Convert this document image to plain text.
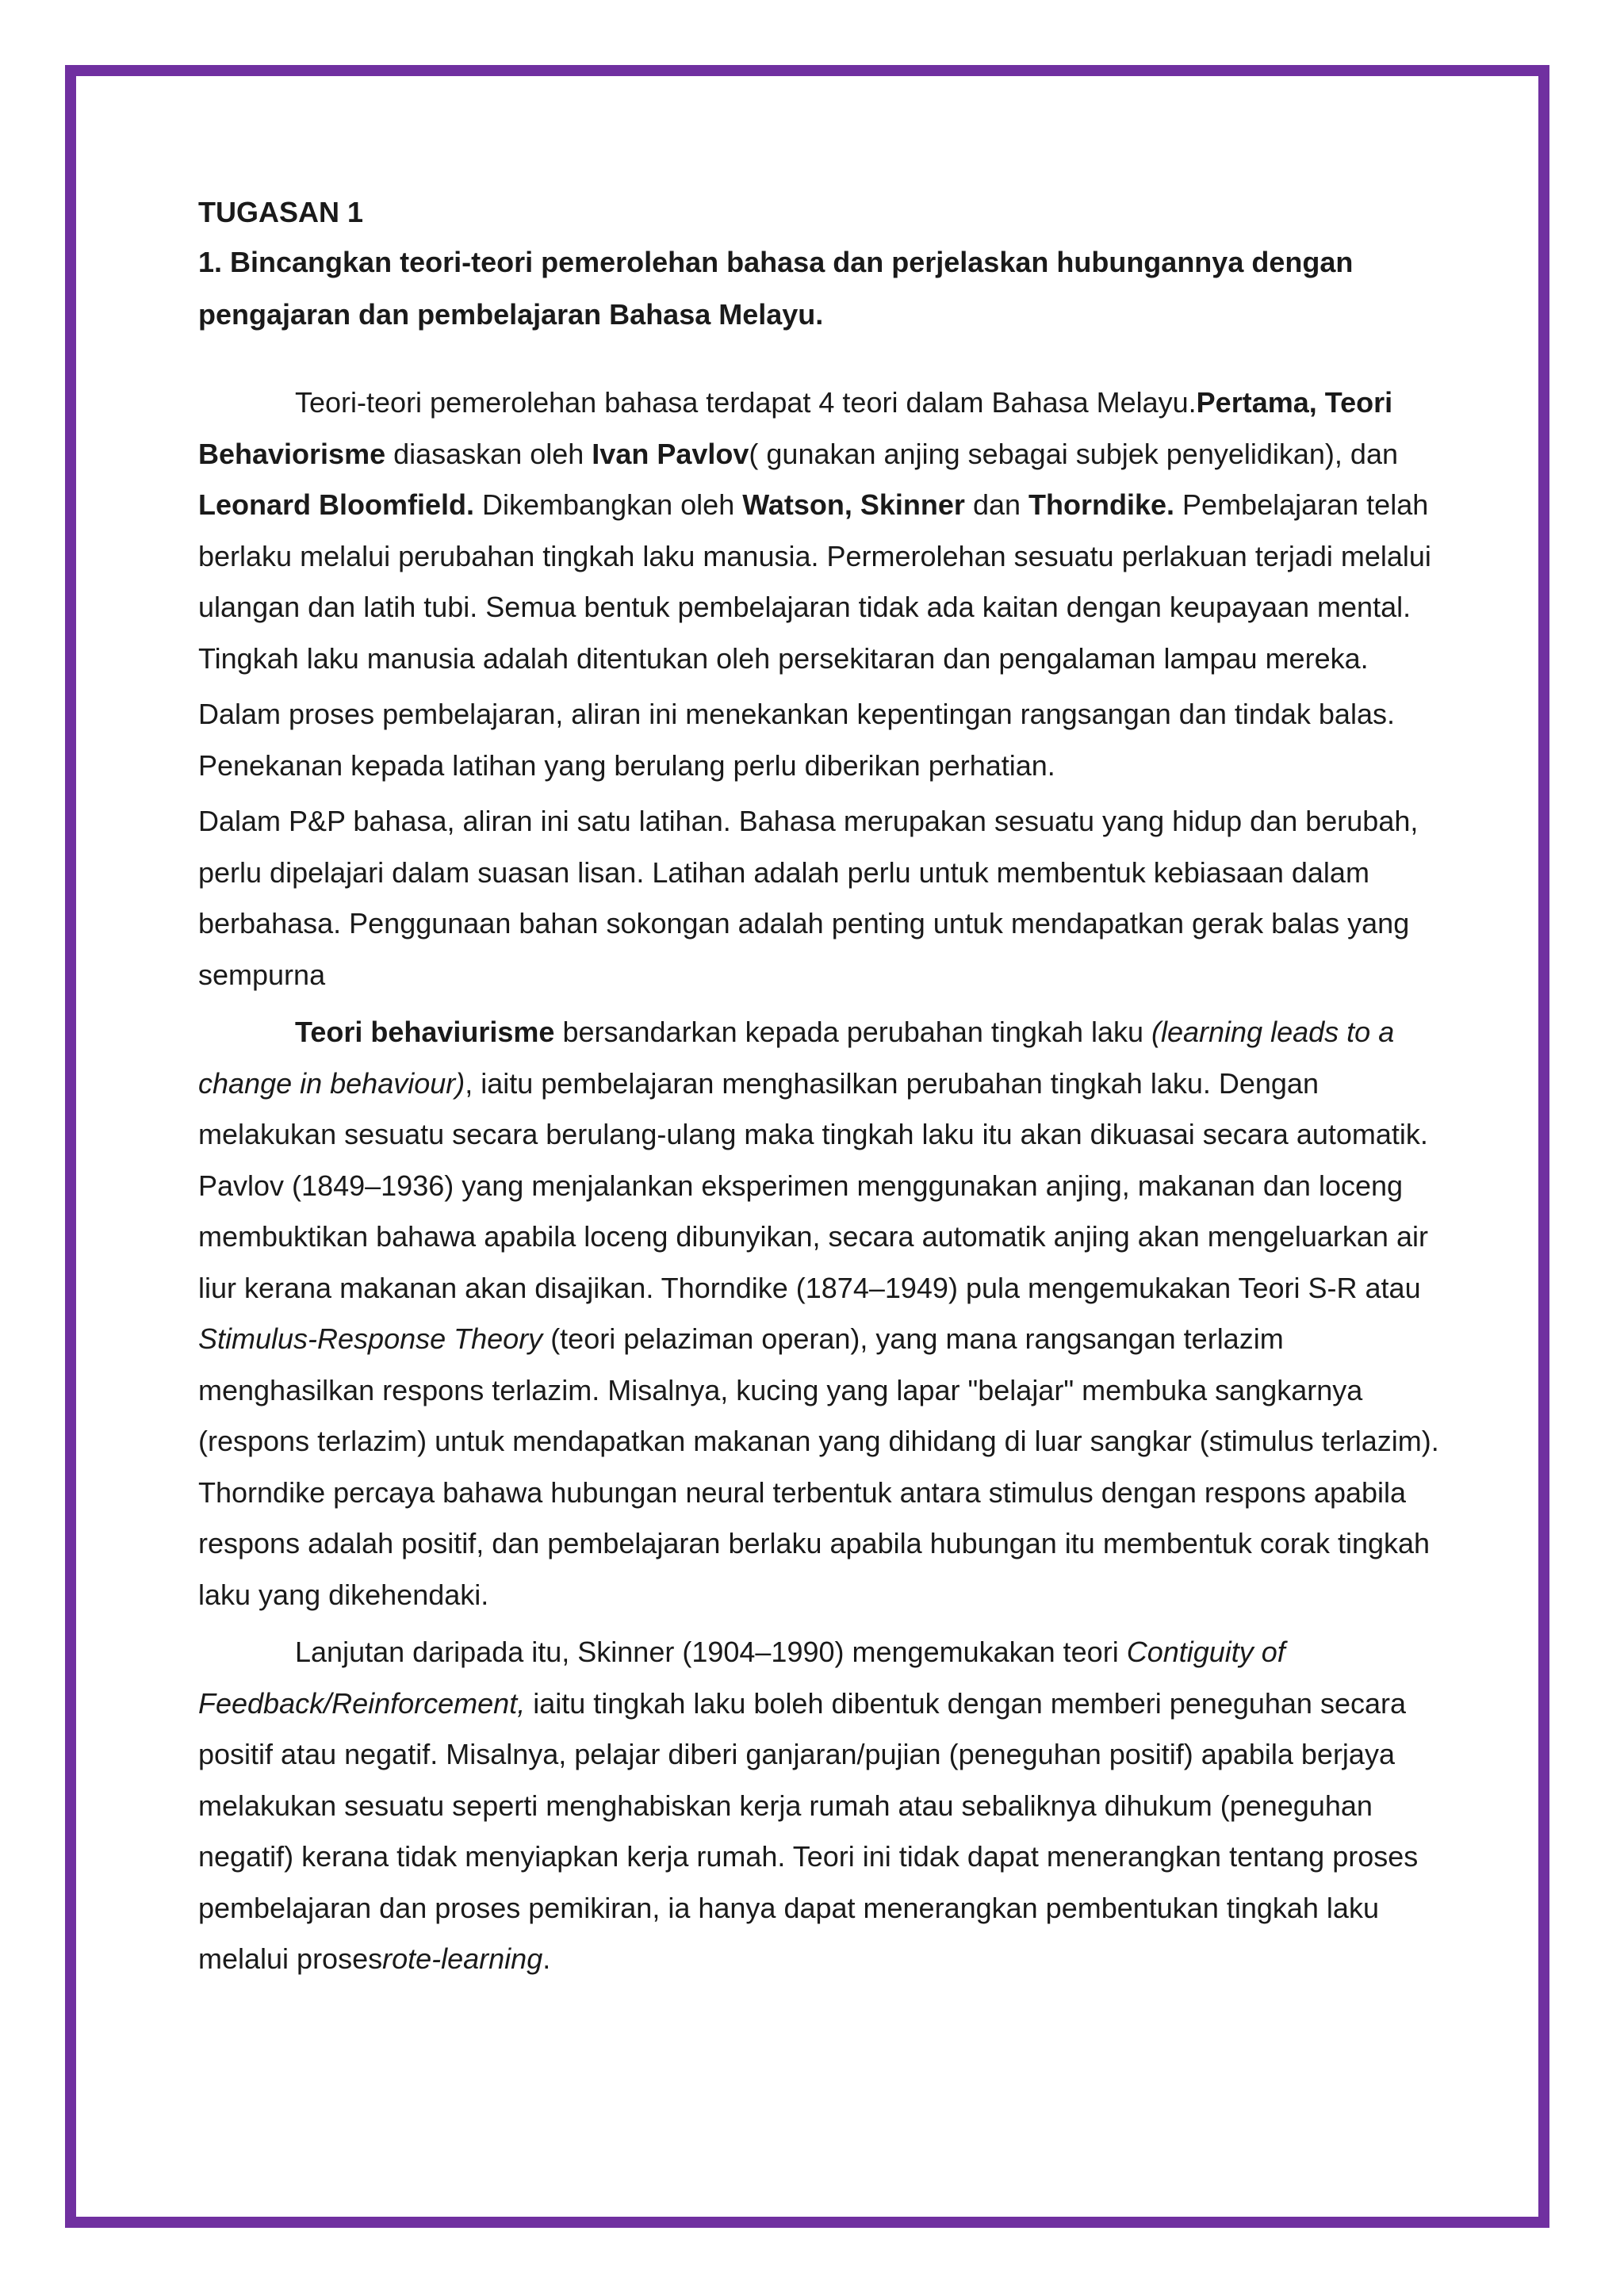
TUGASAN 1

1. Bincangkan teori-teori pemerolehan bahasa dan perjelaskan hubungannya dengan pengajaran dan pembelajaran Bahasa Melayu.

Teori-teori pemerolehan bahasa terdapat 4 teori dalam Bahasa Melayu.Pertama, Teori Behaviorisme diasaskan oleh Ivan Pavlov( gunakan anjing sebagai subjek penyelidikan), dan Leonard Bloomfield. Dikembangkan oleh Watson, Skinner dan Thorndike. Pembelajaran telah berlaku melalui perubahan tingkah laku manusia. Permerolehan sesuatu perlakuan terjadi melalui ulangan dan latih tubi. Semua bentuk pembelajaran tidak ada kaitan dengan keupayaan mental. Tingkah laku manusia adalah ditentukan oleh persekitaran dan pengalaman lampau mereka.

Dalam proses pembelajaran, aliran ini menekankan kepentingan rangsangan dan tindak balas. Penekanan kepada latihan yang berulang perlu diberikan perhatian.

Dalam P&P bahasa, aliran ini satu latihan. Bahasa merupakan sesuatu yang hidup dan berubah, perlu dipelajari dalam suasan lisan. Latihan adalah perlu untuk membentuk kebiasaan dalam berbahasa. Penggunaan bahan sokongan adalah penting untuk mendapatkan gerak balas yang sempurna

Teori behaviurisme bersandarkan kepada perubahan tingkah laku (learning leads to a change in behaviour), iaitu pembelajaran menghasilkan perubahan tingkah laku. Dengan melakukan sesuatu secara berulang-ulang maka tingkah laku itu akan dikuasai secara automatik. Pavlov (1849–1936) yang menjalankan eksperimen menggunakan anjing, makanan dan loceng membuktikan bahawa apabila loceng dibunyikan, secara automatik anjing akan mengeluarkan air liur kerana makanan akan disajikan. Thorndike (1874–1949) pula mengemukakan Teori S-R atau Stimulus-Response Theory (teori pelaziman operan), yang mana rangsangan terlazim menghasilkan respons terlazim. Misalnya, kucing yang lapar "belajar" membuka sangkarnya (respons terlazim) untuk mendapatkan makanan yang dihidang di luar sangkar (stimulus terlazim). Thorndike percaya bahawa hubungan neural terbentuk antara stimulus dengan respons apabila respons adalah positif, dan pembelajaran berlaku apabila hubungan itu membentuk corak tingkah laku yang dikehendaki.

Lanjutan daripada itu, Skinner (1904–1990) mengemukakan teori Contiguity of Feedback/Reinforcement, iaitu tingkah laku boleh dibentuk dengan memberi peneguhan secara positif atau negatif. Misalnya, pelajar diberi ganjaran/pujian (peneguhan positif) apabila berjaya melakukan sesuatu seperti menghabiskan kerja rumah atau sebaliknya dihukum (peneguhan negatif) kerana tidak menyiapkan kerja rumah. Teori ini tidak dapat menerangkan tentang proses pembelajaran dan proses pemikiran, ia hanya dapat menerangkan pembentukan tingkah laku melalui prosesrote-learning.
